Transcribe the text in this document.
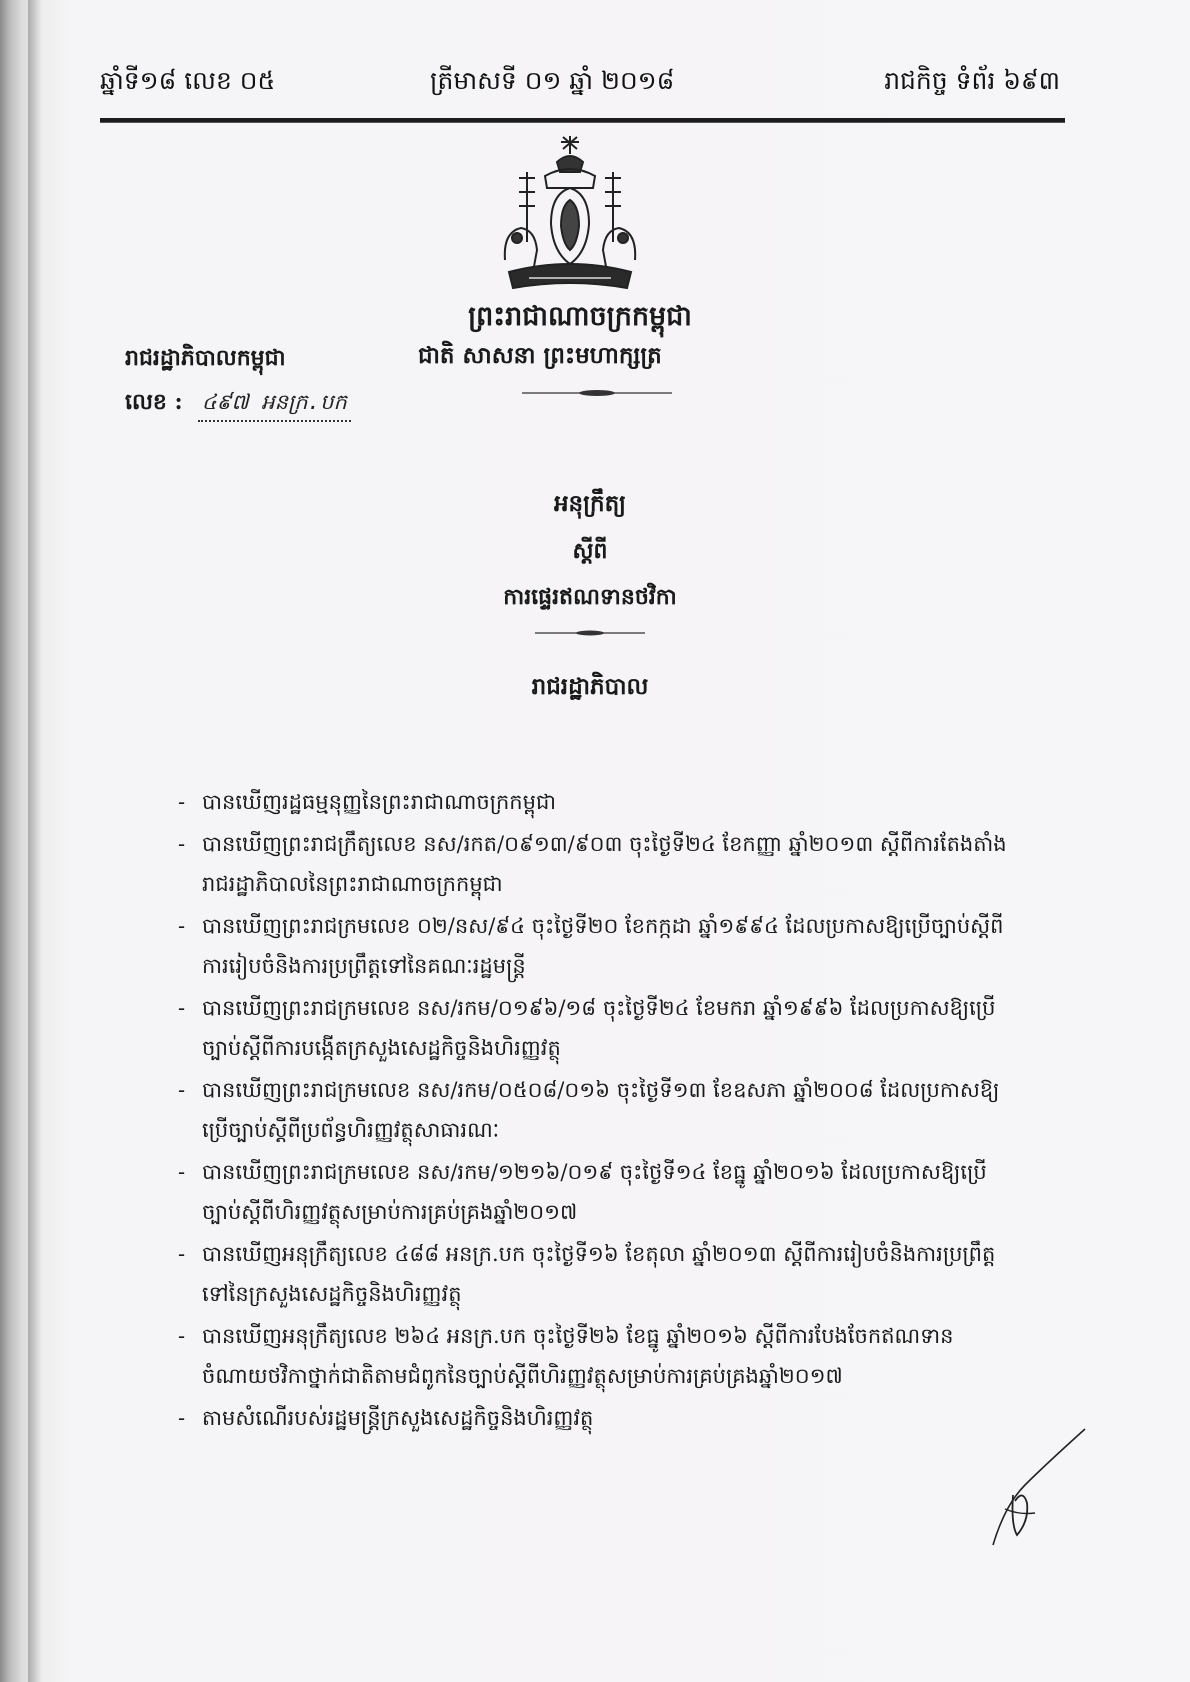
ឆ្នាំទី១៨ លេខ ០៥	ត្រីមាសទី ០១ ឆ្នាំ ២០១៨	រាជកិច្ច ទំព័រ ៦៩៣
ព្រះរាជាណាចក្រកម្ពុជា
ជាតិ សាសនា ព្រះមហាក្សត្រ
រាជរដ្ឋាភិបាលកម្ពុជា
លេខ : ៤៩៧ អនក្រ.បក
អនុក្រឹត្យ
ស្តីពី
ការផ្ទេរឥណទានថវិកា
រាជរដ្ឋាភិបាល
- បានឃើញរដ្ឋធម្មនុញ្ញនៃព្រះរាជាណាចក្រកម្ពុជា
- បានឃើញព្រះរាជក្រឹត្យលេខ នស/រកត/០៩១៣/៩០៣ ចុះថ្ងៃទី២៤ ខែកញ្ញា ឆ្នាំ២០១៣ ស្តីពីការតែងតាំងរាជរដ្ឋាភិបាលនៃព្រះរាជាណាចក្រកម្ពុជា
- បានឃើញព្រះរាជក្រមលេខ ០២/នស/៩៤ ចុះថ្ងៃទី២០ ខែកក្កដា ឆ្នាំ១៩៩៤ ដែលប្រកាសឱ្យប្រើច្បាប់ស្តីពីការរៀបចំនិងការប្រព្រឹត្តទៅនៃគណៈរដ្ឋមន្ត្រី
- បានឃើញព្រះរាជក្រមលេខ នស/រកម/០១៩៦/១៨ ចុះថ្ងៃទី២៤ ខែមករា ឆ្នាំ១៩៩៦ ដែលប្រកាសឱ្យប្រើច្បាប់ស្តីពីការបង្កើតក្រសួងសេដ្ឋកិច្ចនិងហិរញ្ញវត្ថុ
- បានឃើញព្រះរាជក្រមលេខ នស/រកម/០៥០៨/០១៦ ចុះថ្ងៃទី១៣ ខែឧសភា ឆ្នាំ២០០៨ ដែលប្រកាសឱ្យប្រើច្បាប់ស្តីពីប្រព័ន្ធហិរញ្ញវត្ថុសាធារណៈ
- បានឃើញព្រះរាជក្រមលេខ នស/រកម/១២១៦/០១៩ ចុះថ្ងៃទី១៤ ខែធ្នូ ឆ្នាំ២០១៦ ដែលប្រកាសឱ្យប្រើច្បាប់ស្តីពីហិរញ្ញវត្ថុសម្រាប់ការគ្រប់គ្រងឆ្នាំ២០១៧
- បានឃើញអនុក្រឹត្យលេខ ៤៨៨ អនក្រ.បក ចុះថ្ងៃទី១៦ ខែតុលា ឆ្នាំ២០១៣ ស្តីពីការរៀបចំនិងការប្រព្រឹត្តទៅនៃក្រសួងសេដ្ឋកិច្ចនិងហិរញ្ញវត្ថុ
- បានឃើញអនុក្រឹត្យលេខ ២៦៤ អនក្រ.បក ចុះថ្ងៃទី២៦ ខែធ្នូ ឆ្នាំ២០១៦ ស្តីពីការបែងចែកឥណទានចំណាយថវិកាថ្នាក់ជាតិតាមជំពូកនៃច្បាប់ស្តីពីហិរញ្ញវត្ថុសម្រាប់ការគ្រប់គ្រងឆ្នាំ២០១៧
- តាមសំណើរបស់រដ្ឋមន្ត្រីក្រសួងសេដ្ឋកិច្ចនិងហិរញ្ញវត្ថុ
